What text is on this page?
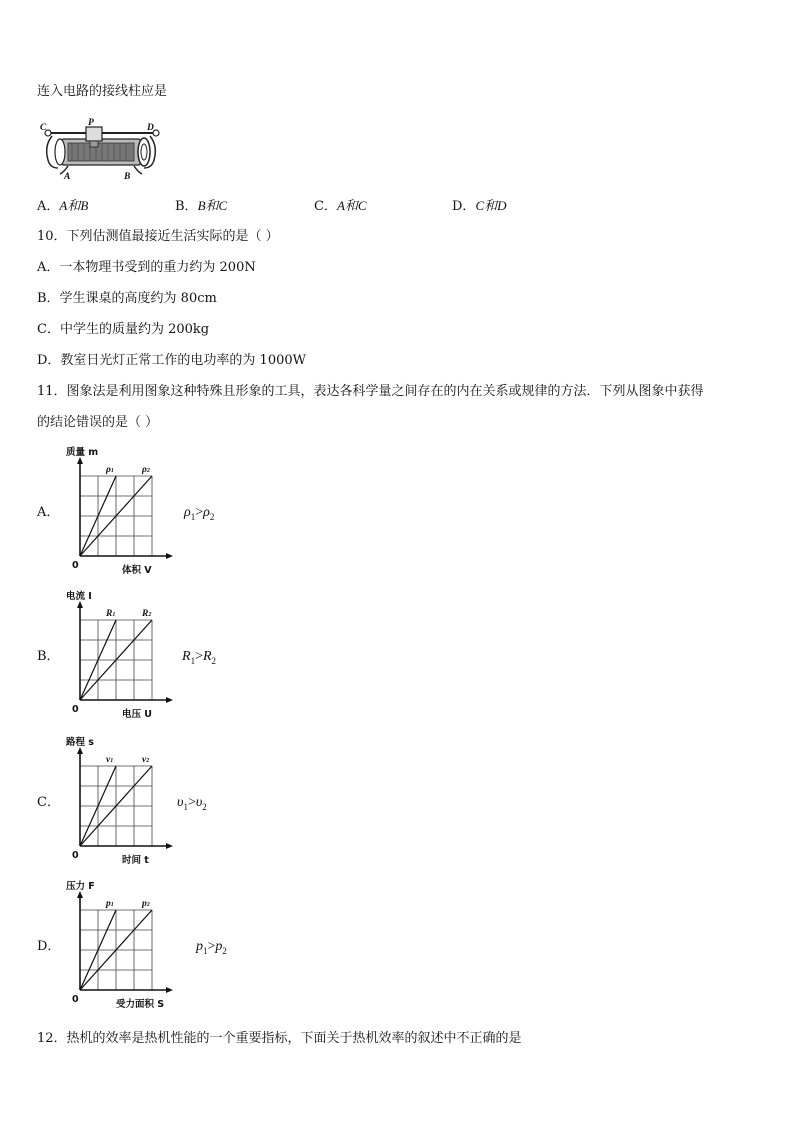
连入电路的接线柱应是
C	P	D
A	B
A．A和B	B．B和C	C．A和C	D．C和D
10．下列估测值最接近生活实际的是（ ）
A．一本物理书受到的重力约为 200N
B．学生课桌的高度约为 80cm
C．中学生的质量约为 200kg
D．教室日光灯正常工作的电功率的为 1000W
11．图象法是利用图象这种特殊且形象的工具，表达各科学量之间存在的内在关系或规律的方法．下列从图象中获得
的结论错误的是（ ）
A．
质量 m
体积 V
0
ρ1	ρ2
$\rho_1>\rho_2$
B．
电流 I
电压 U
0
R1	R2
$R_1>R_2$
C．
路程 s
时间 t
0
v1	v2
$\upsilon_1>\upsilon_2$
D．
压力 F
受力面积 S
0
p1	p2
$p_1>p_2$
12．热机的效率是热机性能的一个重要指标，下面关于热机效率的叙述中不正确的是
